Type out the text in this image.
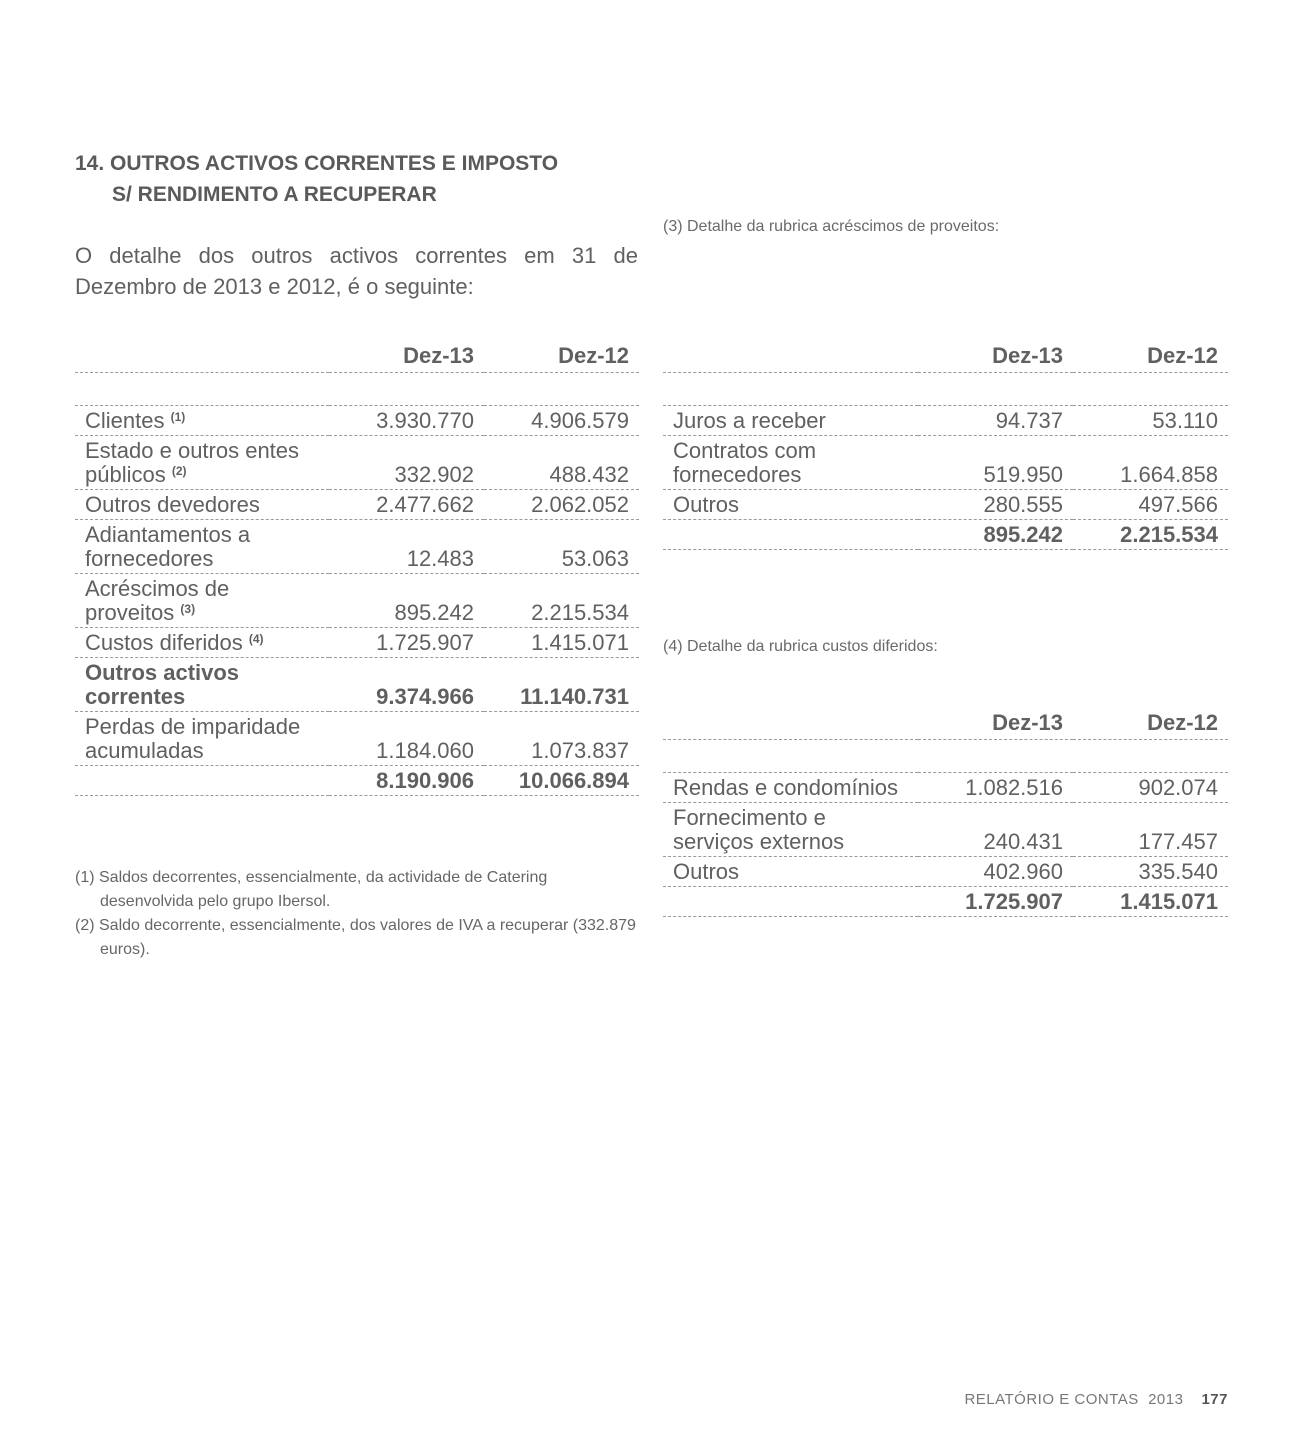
14. OUTROS ACTIVOS CORRENTES E IMPOSTO
S/ RENDIMENTO A RECUPERAR
O detalhe dos outros activos correntes em 31 de Dezembro de 2013 e 2012, é o seguinte:
	Dez-13	Dez-12

Clientes $^{(1)}$	3.930.770	4.906.579
Estado e outros entes públicos $^{(2)}$	332.902	488.432
Outros devedores	2.477.662	2.062.052
Adiantamentos a fornecedores	12.483	53.063
Acréscimos de proveitos $^{(3)}$	895.242	2.215.534
Custos diferidos $^{(4)}$	1.725.907	1.415.071
Outros activos correntes	9.374.966	11.140.731
Perdas de imparidade acumuladas	1.184.060	1.073.837
	8.190.906	10.066.894
(1) Saldos decorrentes, essencialmente, da actividade de Catering desenvolvida pelo grupo Ibersol.
(2) Saldo decorrente, essencialmente, dos valores de IVA a recuperar (332.879 euros).
(3) Detalhe da rubrica acréscimos de proveitos:
	Dez-13	Dez-12

Juros a receber	94.737	53.110
Contratos com fornecedores	519.950	1.664.858
Outros	280.555	497.566
	895.242	2.215.534
(4) Detalhe da rubrica custos diferidos:
	Dez-13	Dez-12

Rendas e condomínios	1.082.516	902.074
Fornecimento e serviços externos	240.431	177.457
Outros	402.960	335.540
	1.725.907	1.415.071
RELATÓRIO E CONTAS  2013 177
